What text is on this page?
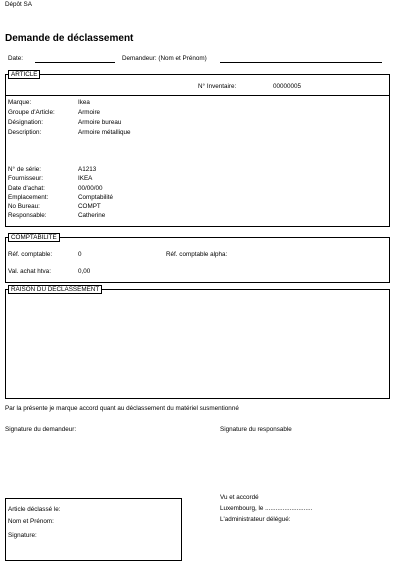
Dépôt SA
Demande de déclassement
Date:	Demandeur: (Nom et Prénom)
ARTICLE
N° Inventaire:	00000005
Marque:	Ikea
Groupe d'Article:	Armoire
Désignation:	Armoire bureau
Description:	Armoire métallique
N° de série:	A1213
Fournisseur:	IKEA
Date d'achat:	00/00/00
Emplacement:	Comptabilité
No Bureau:	COMPT
Responsable:	Catherine
COMPTABILITE
Réf. comptable:	0	Réf. comptable alpha:
Val. achat htva:	0,00
RAISON DU DECLASSEMENT
Par la présente je marque accord quant au déclassement du matériel susmentionné
Signature du demandeur:	Signature du responsable
Article déclassé le:
Nom et Prénom:
Signature:
Vu et accordé
Luxembourg, le ...........................
L'administrateur délégué:
